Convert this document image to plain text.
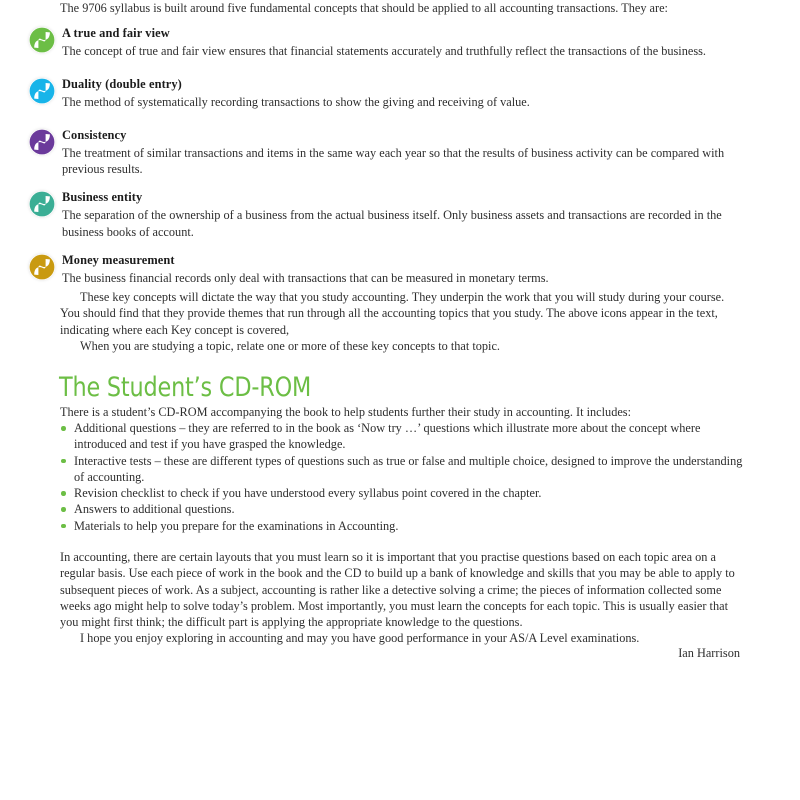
The 9706 syllabus is built around five fundamental concepts that should be applied to all accounting transactions. They are:
A true and fair view
The concept of true and fair view ensures that financial statements accurately and truthfully reflect the transactions of the business.
Duality (double entry)
The method of systematically recording transactions to show the giving and receiving of value.
Consistency
The treatment of similar transactions and items in the same way each year so that the results of business activity can be compared with previous results.
Business entity
The separation of the ownership of a business from the actual business itself. Only business assets and transactions are recorded in the business books of account.
Money measurement
The business financial records only deal with transactions that can be measured in monetary terms.

These key concepts will dictate the way that you study accounting. They underpin the work that you will study during your course. You should find that they provide themes that run through all the accounting topics that you study. The above icons appear in the text, indicating where each Key concept is covered,

When you are studying a topic, relate one or more of these key concepts to that topic.

The Student’s CD-ROM
There is a student’s CD-ROM accompanying the book to help students further their study in accounting. It includes:
Additional questions – they are referred to in the book as ‘Now try …’ questions which illustrate more about the concept where introduced and test if you have grasped the knowledge.
Interactive tests – these are different types of questions such as true or false and multiple choice, designed to improve the understanding of accounting.
Revision checklist to check if you have understood every syllabus point covered in the chapter.
Answers to additional questions.
Materials to help you prepare for the examinations in Accounting.

In accounting, there are certain layouts that you must learn so it is important that you practise questions based on each topic area on a regular basis. Use each piece of work in the book and the CD to build up a bank of knowledge and skills that you may be able to apply to subsequent pieces of work. As a subject, accounting is rather like a detective solving a crime; the pieces of information collected some weeks ago might help to solve today’s problem. Most importantly, you must learn the concepts for each topic. This is usually easier that you might first think; the difficult part is applying the appropriate knowledge to the questions.

I hope you enjoy exploring in accounting and may you have good performance in your AS/A Level examinations.

Ian Harrison
